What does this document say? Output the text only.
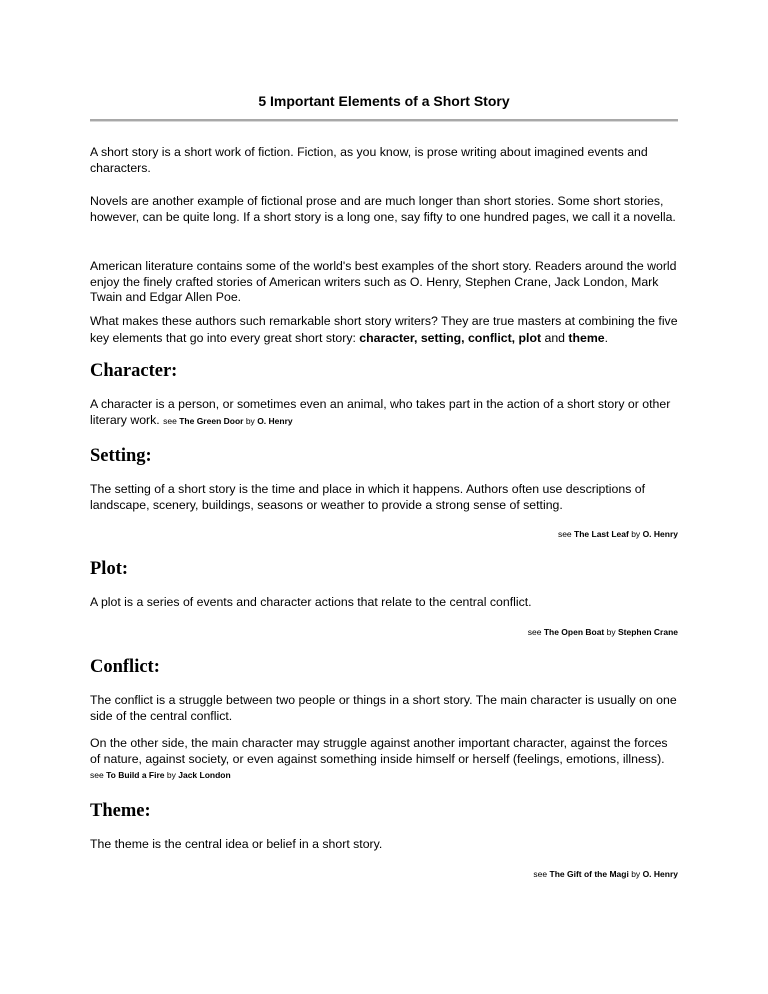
5 Important Elements of a Short Story

A short story is a short work of fiction. Fiction, as you know, is prose writing about imagined events and characters.

Novels are another example of fictional prose and are much longer than short stories. Some short stories, however, can be quite long. If a short story is a long one, say fifty to one hundred pages, we call it a novella.

American literature contains some of the world's best examples of the short story. Readers around the world enjoy the finely crafted stories of American writers such as O. Henry, Stephen Crane, Jack London, Mark Twain and Edgar Allen Poe.

What makes these authors such remarkable short story writers? They are true masters at combining the five key elements that go into every great short story: character, setting, conflict, plot and theme.

Character:

A character is a person, or sometimes even an animal, who takes part in the action of a short story or other literary work. see The Green Door by O. Henry

Setting:

The setting of a short story is the time and place in which it happens. Authors often use descriptions of landscape, scenery, buildings, seasons or weather to provide a strong sense of setting.

see The Last Leaf by O. Henry
Plot:

A plot is a series of events and character actions that relate to the central conflict.

see The Open Boat by Stephen Crane
Conflict:

The conflict is a struggle between two people or things in a short story. The main character is usually on one side of the central conflict.

On the other side, the main character may struggle against another important character, against the forces of nature, against society, or even against something inside himself or herself (feelings, emotions, illness).   see To Build a Fire by Jack London

Theme:

The theme is the central idea or belief in a short story.

see The Gift of the Magi by O. Henry
